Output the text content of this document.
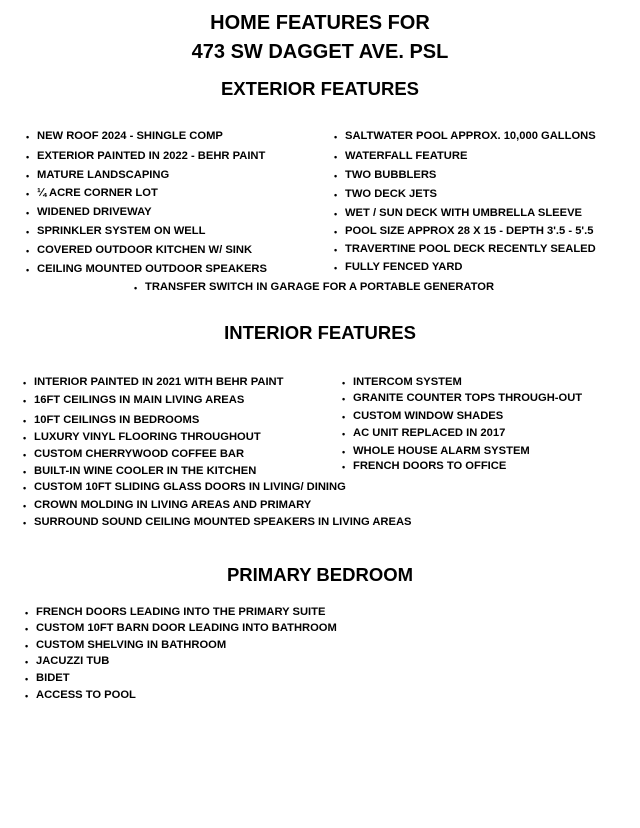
HOME FEATURES FOR
473 SW DAGGET AVE. PSL
EXTERIOR FEATURES
• NEW ROOF 2024 - SHINGLE COMP
• EXTERIOR PAINTED IN 2022 - BEHR PAINT
• MATURE LANDSCAPING
• ¼ ACRE CORNER LOT
• WIDENED DRIVEWAY
• SPRINKLER SYSTEM ON WELL
• COVERED OUTDOOR KITCHEN W/ SINK
• CEILING MOUNTED OUTDOOR SPEAKERS
• SALTWATER POOL APPROX. 10,000 GALLONS
• WATERFALL FEATURE
• TWO BUBBLERS
• TWO DECK JETS
• WET / SUN DECK WITH UMBRELLA SLEEVE
• POOL SIZE APPROX 28 X 15 - DEPTH 3'.5 - 5'.5
• TRAVERTINE POOL DECK RECENTLY SEALED
• FULLY FENCED YARD
• TRANSFER SWITCH IN GARAGE FOR A PORTABLE GENERATOR
INTERIOR FEATURES
• INTERIOR PAINTED IN 2021 WITH BEHR PAINT
• 16FT CEILINGS IN MAIN LIVING AREAS
• 10FT CEILINGS IN BEDROOMS
• LUXURY VINYL FLOORING THROUGHOUT
• CUSTOM CHERRYWOOD COFFEE BAR
• BUILT-IN WINE COOLER IN THE KITCHEN
• CUSTOM 10FT SLIDING GLASS DOORS IN LIVING/ DINING
• CROWN MOLDING IN LIVING AREAS AND PRIMARY
• SURROUND SOUND CEILING MOUNTED SPEAKERS IN LIVING AREAS
• INTERCOM SYSTEM
• GRANITE COUNTER TOPS THROUGH-OUT
• CUSTOM WINDOW SHADES
• AC UNIT REPLACED IN 2017
• WHOLE HOUSE ALARM SYSTEM
• FRENCH DOORS TO OFFICE
PRIMARY BEDROOM
• FRENCH DOORS LEADING INTO THE PRIMARY SUITE
• CUSTOM 10FT BARN DOOR LEADING INTO BATHROOM
• CUSTOM SHELVING IN BATHROOM
• JACUZZI TUB
• BIDET
• ACCESS TO POOL
